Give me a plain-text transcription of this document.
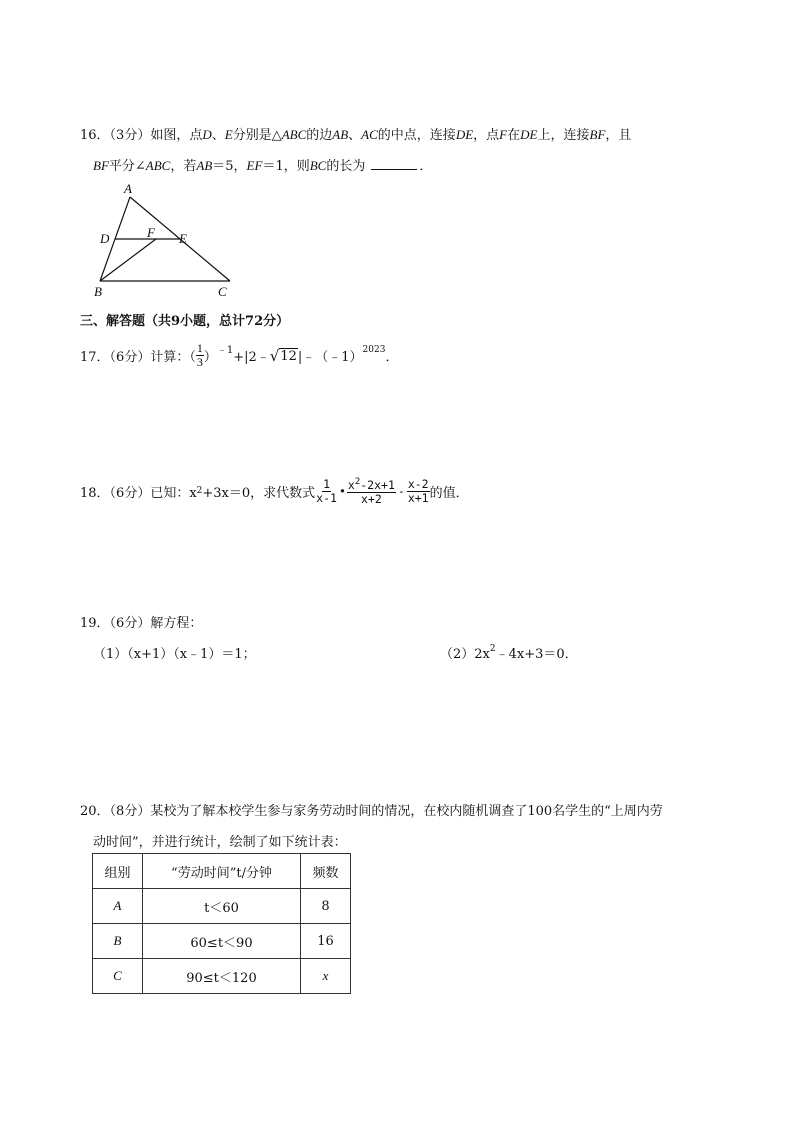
16．（3分）如图，点D、E分别是△ABC的边AB、AC的中点，连接DE，点F在DE上，连接BF，且
BF平分∠ABC，若AB＝5，EF＝1，则BC的长为	．
A
D	F E
B	C
三、解答题（共9小题，总计72分）
17．（6分）计算：（ $\frac{1}{3}$ ） ﹣1 +|2﹣ √ 12 |﹣（﹣1）
2023
．
18．（6分）已知：x 2 +3x＝0，求代数式 $\frac{1}{x-1}$ • $\frac{x^2-2x+1}{x+2} - \frac{x-2}{x+1}$ 的值．
19．（6分）解方程：
（1）（x+1）（x﹣1）＝1；	$(2)2x^2﹣4x+3=0$．
20．（8分）某校为了解本校学生参与家务劳动时间的情况，在校内随机调查了100名学生的“上周内劳
动时间”，并进行统计，绘制了如下统计表：
组别	“劳动时间”t/分钟	频数
A	t＜60	8
B	60≤t＜90	16
C	90≤t＜120	x
